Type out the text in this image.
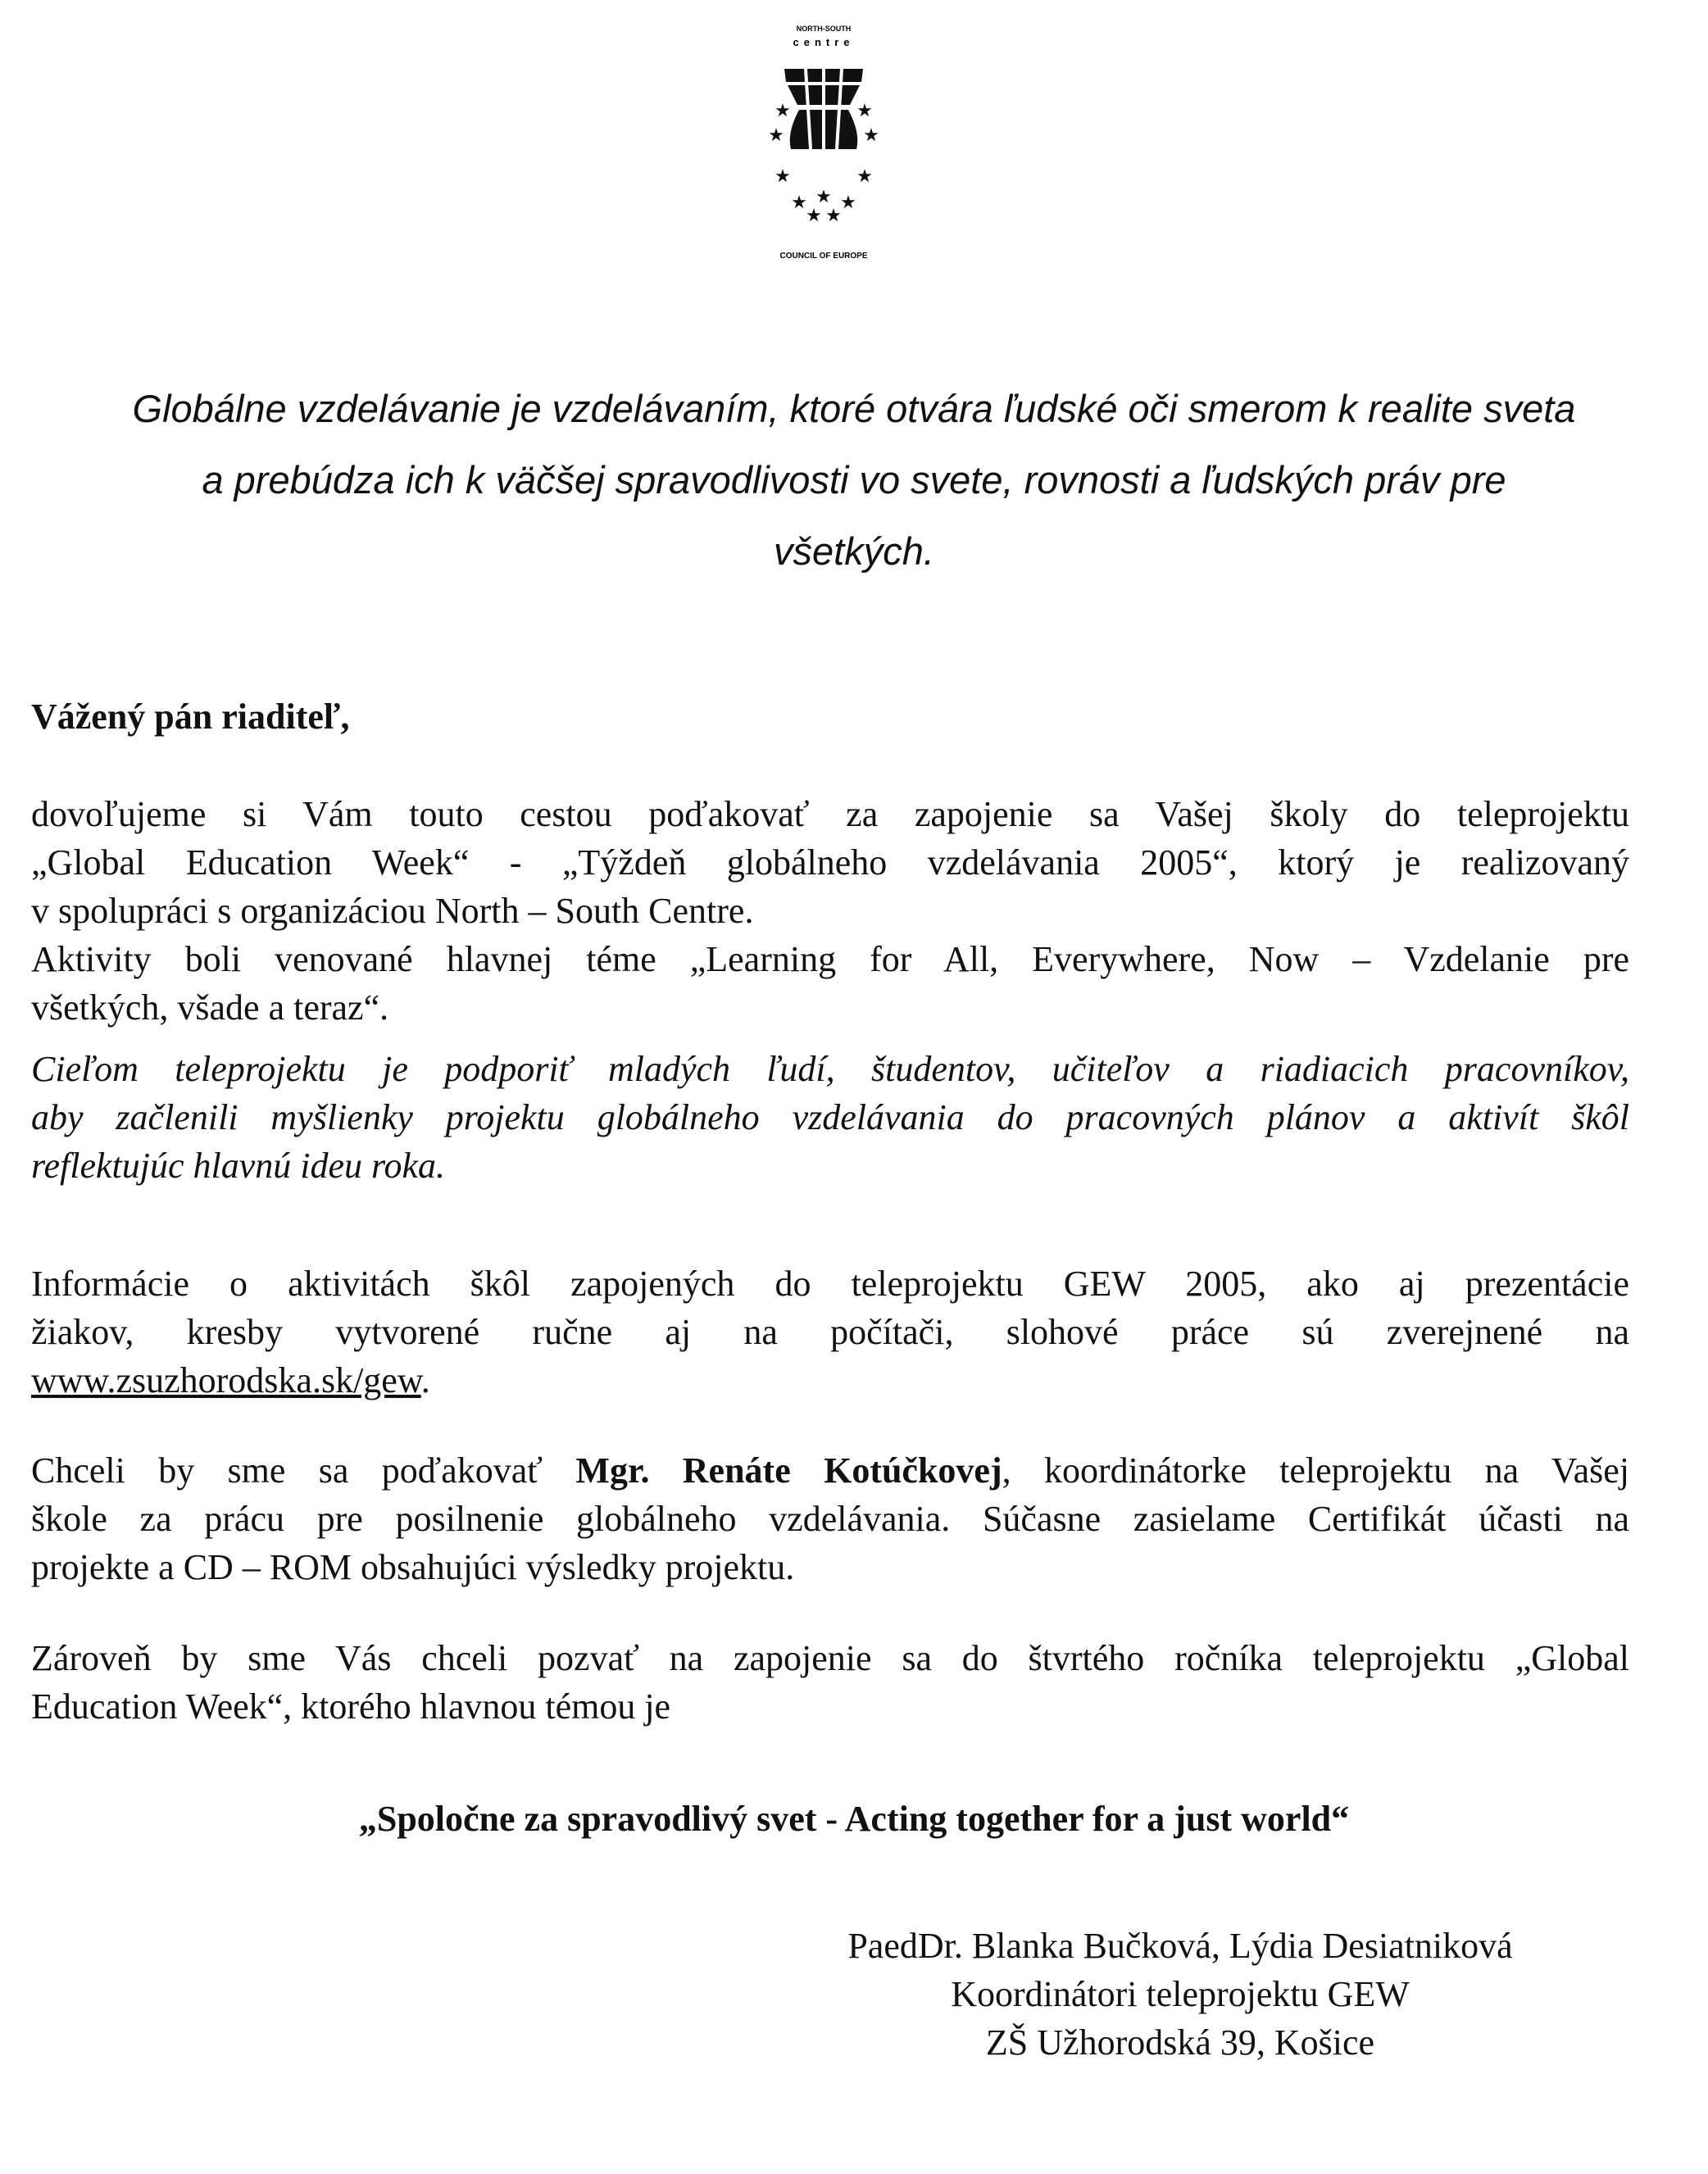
NORTH-SOUTH
centre
★	★
★	★
★	★
★ ★
★ ★
★
COUNCIL OF EUROPE
Globálne vzdelávanie je vzdelávaním, ktoré otvára ľudské oči smerom k realite sveta
a prebúdza ich k väčšej spravodlivosti vo svete, rovnosti a ľudských práv pre
všetkých.
Vážený pán riaditeľ,

dovoľujeme si Vám touto cestou poďakovať za zapojenie sa Vašej školy do teleprojektu
„Global Education Week“ - „Týždeň globálneho vzdelávania 2005“, ktorý je realizovaný
v spolupráci s organizáciou North – South Centre.
Aktivity boli venované hlavnej téme „Learning for All, Everywhere, Now – Vzdelanie pre
všetkých, všade a teraz“.

Cieľom teleprojektu je podporiť mladých ľudí, študentov, učiteľov a riadiacich pracovníkov,
aby začlenili myšlienky projektu globálneho vzdelávania do pracovných plánov a aktivít škôl
reflektujúc hlavnú ideu roka.

Informácie o aktivitách škôl zapojených do teleprojektu GEW 2005, ako aj prezentácie
žiakov, kresby vytvorené ručne aj na počítači, slohové práce sú zverejnené na
www.zsuzhorodska.sk/gew.

Chceli by sme sa poďakovať Mgr. Renáte Kotúčkovej, koordinátorke teleprojektu na Vašej
škole za prácu pre posilnenie globálneho vzdelávania. Súčasne zasielame Certifikát účasti na
projekte a CD – ROM obsahujúci výsledky projektu.

Zároveň by sme Vás chceli pozvať na zapojenie sa do štvrtého ročníka teleprojektu „Global
Education Week“, ktorého hlavnou témou je

„Spoločne za spravodlivý svet - Acting together for a just world“
PaedDr. Blanka Bučková, Lýdia Desiatniková
Koordinátori teleprojektu GEW
ZŠ Užhorodská 39, Košice
